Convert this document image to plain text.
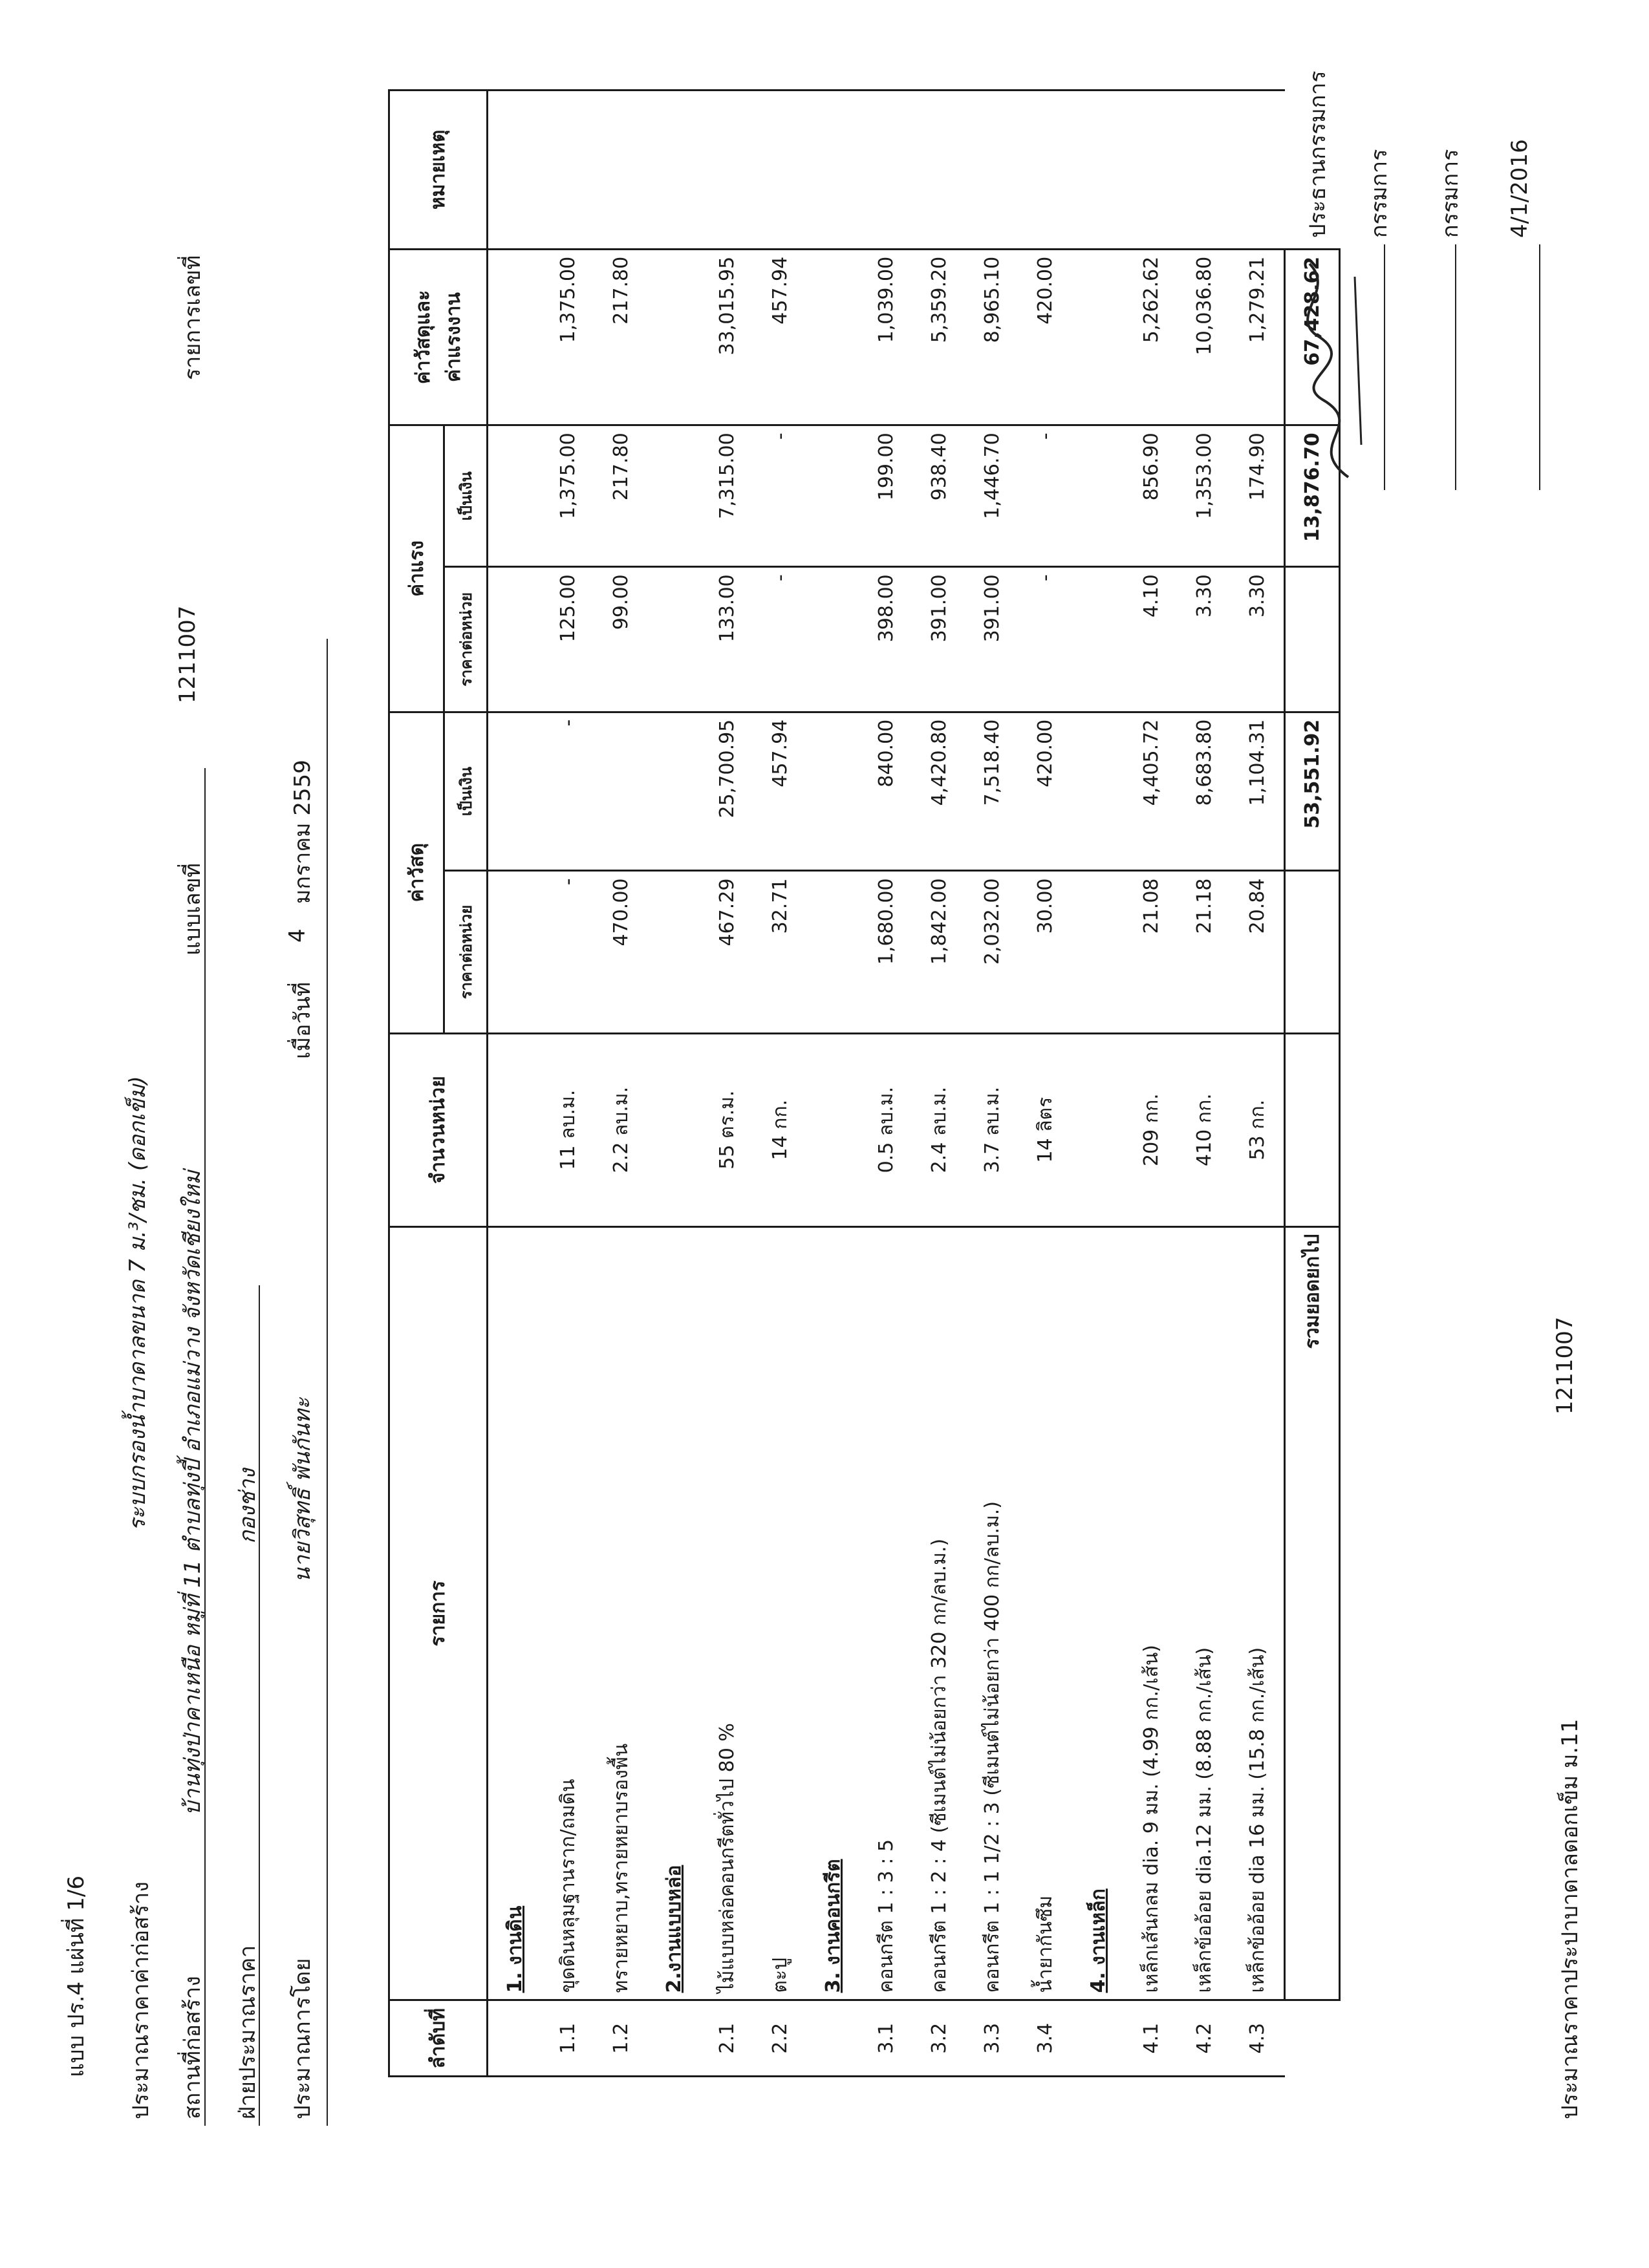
แบบ ปร.4 แผ่นที่ 1/6 ประมาณราคาค่าก่อสร้าง
ระบบกรองน้ำบาดาลขนาด 7 ม.³/ชม. (ดอกเข็ม)
สถานที่ก่อสร้าง
บ้านทุ่งป่าคาเหนือ หมู่ที่ 11 ตำบลทุ่งปี้ อำเภอแม่วาง จังหวัดเชียงใหม่
แบบเลขที่
1211007
รายการเลขที่
ฝ่ายประมาณราคา
กองช่าง
ประมาณการโดย
นายวิสุทธิ์ พันกันทะ
เมื่อวันที่
4
มกราคม 2559
ลำดับที่	รายการ	จำนวนหน่วย	ค่าวัสดุ		ค่าแรง		ค่าวัสดุและ ค่าแรงงาน	หมายเหตุ
			ราคาต่อหน่วย	เป็นเงิน	ราคาต่อหน่วย	เป็นเงิน		
	1. งานดิน							
1.1	ขุดดินหลุมฐานราก/ถมดิน	11 ลบ.ม.	-	-	125.00	1,375.00	1,375.00	
1.2	ทรายหยาบ,ทรายหยาบรองพื้น	2.2 ลบ.ม.	470.00		99.00	217.80	217.80	
	2.งานแบบหล่อ							
2.1	ไม้แบบหล่อคอนกรีตทั่วไป 80 %	55 ตร.ม.	467.29	25,700.95	133.00	7,315.00	33,015.95	
2.2	ตะปู	14 กก.	32.71	457.94	-	-	457.94	
	3. งานคอนกรีต							
3.1	คอนกรีต 1 : 3 : 5	0.5 ลบ.ม.	1,680.00	840.00	398.00	199.00	1,039.00	
3.2	คอนกรีต 1 : 2 : 4 (ซีเมนต์ไม่น้อยกว่า 320 กก/ลบ.ม.)	2.4 ลบ.ม.	1,842.00	4,420.80	391.00	938.40	5,359.20	
3.3	คอนกรีต 1 : 1 1/2 : 3 (ซีเมนต์ไม่น้อยกว่า 400 กก/ลบ.ม.)	3.7 ลบ.ม.	2,032.00	7,518.40	391.00	1,446.70	8,965.10	
3.4	น้ำยากันซึม	14 ลิตร	30.00	420.00	-	-	420.00	
	4. งานเหล็ก							
4.1	เหล็กเส้นกลม dia. 9 มม. (4.99 กก./เส้น)	209 กก.	21.08	4,405.72	4.10	856.90	5,262.62	
4.2	เหล็กข้ออ้อย dia.12 มม. (8.88 กก./เส้น)	410 กก.	21.18	8,683.80	3.30	1,353.00	10,036.80	
4.3	เหล็กข้ออ้อย dia 16 มม. (15.8 กก./เส้น)	53 กก.	20.84	1,104.31	3.30	174.90	1,279.21	
	รวมยอดยกไป			53,551.92		13,876.70	67,428.62	
ประธานกรรมการ กรรมการ กรรมการ 4/1/2016
ประมาณราคาประปาบาดาลดอกเข็ม ม.11
1211007
